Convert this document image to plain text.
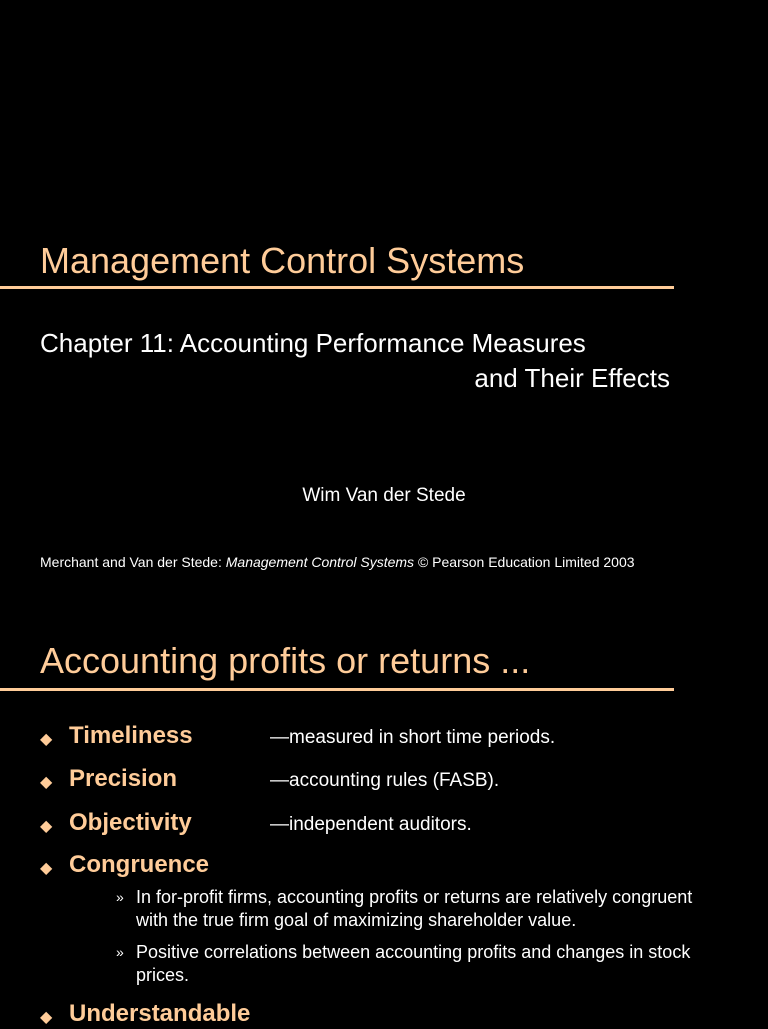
Management Control Systems
Chapter 11: Accounting Performance Measures
and Their Effects
Wim Van der Stede
Merchant and Van der Stede: Management Control Systems © Pearson Education Limited 2003
Accounting profits or returns ...
◆ Timeliness	—measured in short time periods.
◆ Precision	—accounting rules (FASB).
◆ Objectivity	—independent auditors.
◆ Congruence
» In for-profit firms, accounting profits or returns are relatively congruent with the true firm goal of maximizing shareholder value.
» Positive correlations between accounting profits and changes in stock prices.
◆ Understandable
